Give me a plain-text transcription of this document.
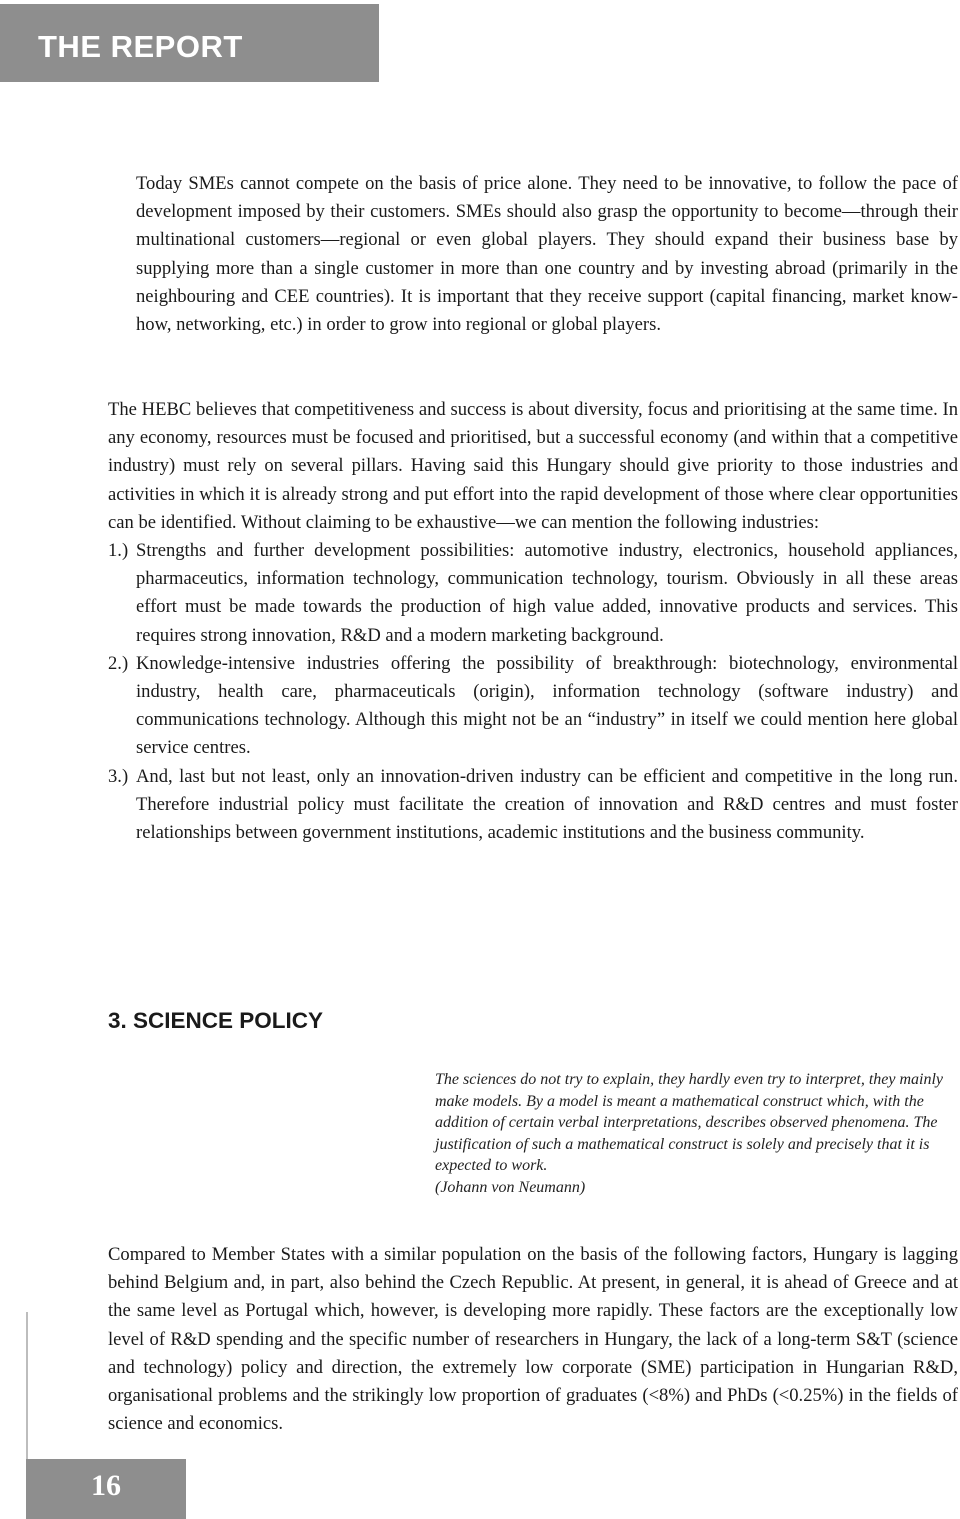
THE REPORT

Today SMEs cannot compete on the basis of price alone. They need to be innovative, to follow the pace of development imposed by their customers. SMEs should also grasp the opportunity to become—through their multinational customers—regional or even global players. They should expand their business base by supplying more than a single customer in more than one country and by investing abroad (primarily in the neighbouring and CEE countries). It is important that they receive support (capital financing, market know-how, networking, etc.) in order to grow into regional or global players.

The HEBC believes that competitiveness and success is about diversity, focus and prioritising at the same time. In any economy, resources must be focused and prioritised, but a successful economy (and within that a competitive industry) must rely on several pillars. Having said this Hungary should give priority to those industries and activities in which it is already strong and put effort into the rapid development of those where clear opportunities can be identified. Without claiming to be exhaustive—we can mention the following industries:

1.) Strengths and further development possibilities: automotive industry, electronics, household appliances, pharmaceutics, information technology, communication technology, tourism. Obviously in all these areas effort must be made towards the production of high value added, innovative products and services. This requires strong innovation, R&D and a modern marketing background.
2.) Knowledge-intensive industries offering the possibility of breakthrough: biotechnology, environmental industry, health care, pharmaceuticals (origin), information technology (software industry) and communications technology. Although this might not be an “industry” in itself we could mention here global service centres.
3.) And, last but not least, only an innovation-driven industry can be efficient and competitive in the long run. Therefore industrial policy must facilitate the creation of innovation and R&D centres and must foster relationships between government institutions, academic institutions and the business community.
3. SCIENCE POLICY

The sciences do not try to explain, they hardly even try to interpret, they mainly make models. By a model is meant a mathematical construct which, with the addition of certain verbal interpretations, describes observed phenomena. The justification of such a mathematical construct is solely and precisely that it is expected to work.

(Johann von Neumann)

Compared to Member States with a similar population on the basis of the following factors, Hungary is lagging behind Belgium and, in part, also behind the Czech Republic. At present, in general, it is ahead of Greece and at the same level as Portugal which, however, is developing more rapidly. These factors are the exceptionally low level of R&D spending and the specific number of researchers in Hungary, the lack of a long-term S&T (science and technology) policy and direction, the extremely low corporate (SME) participation in Hungarian R&D, organisational problems and the strikingly low proportion of graduates (<8%) and PhDs (<0.25%) in the fields of science and economics.

16
